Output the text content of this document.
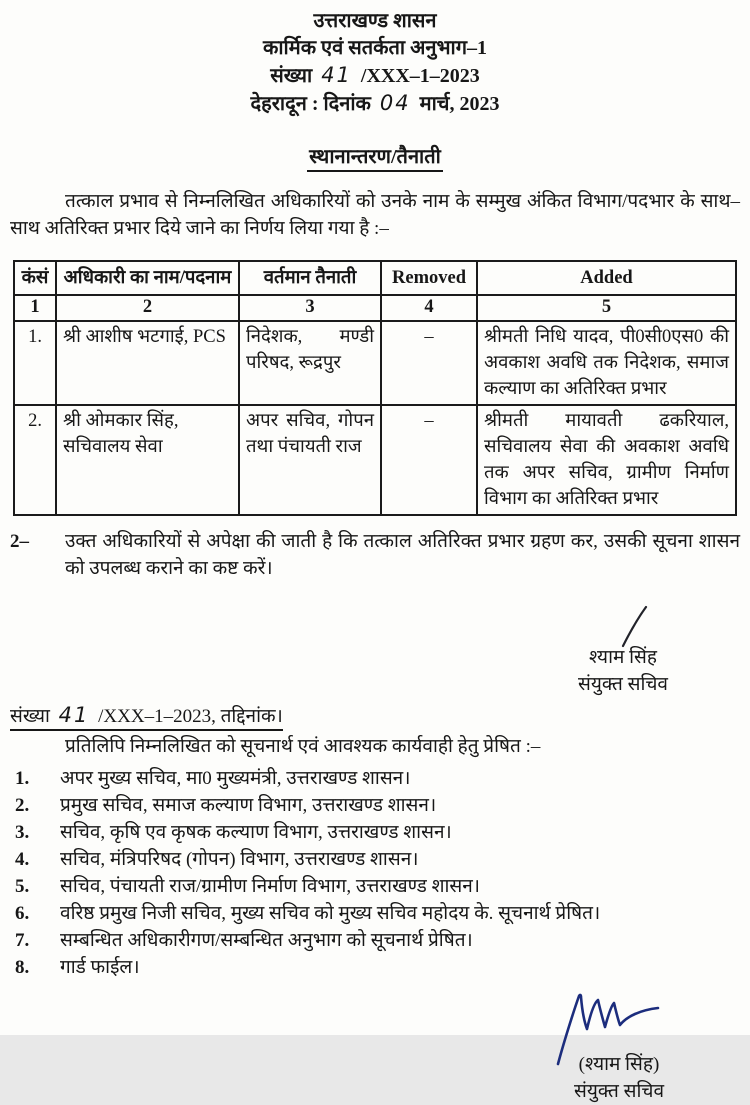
उत्तराखण्ड शासन
कार्मिक एवं सतर्कता अनुभाग–1
संख्या 41 /XXX–1–2023
देहरादून : दिनांक 04 मार्च, 2023
स्थानान्तरण/तैनाती
तत्काल प्रभाव से निम्नलिखित अधिकारियों को उनके नाम के सम्मुख अंकित विभाग/पदभार के साथ–साथ अतिरिक्त प्रभार दिये जाने का निर्णय लिया गया है :–
कंसं	अधिकारी का नाम/पदनाम	वर्तमान तैनाती	Removed	Added
1	2	3	4	5
1.	श्री आशीष भटगाई, PCS	निदेशक, मण्डी परिषद, रूद्रपुर	–	श्रीमती निधि यादव, पी0सी0एस0 की अवकाश अवधि तक निदेशक, समाज कल्याण का अतिरिक्त प्रभार
2.	श्री ओमकार सिंह, सचिवालय सेवा	अपर सचिव, गोपन तथा पंचायती राज	–	श्रीमती मायावती ढकरियाल, सचिवालय सेवा की अवकाश अवधि तक अपर सचिव, ग्रामीण निर्माण विभाग का अतिरिक्त प्रभार
2–	उक्त अधिकारियों से अपेक्षा की जाती है कि तत्काल अतिरिक्त प्रभार ग्रहण कर, उसकी सूचना शासन को उपलब्ध कराने का कष्ट करें।
श्याम सिंह
संयुक्त सचिव
संख्या 41 /XXX–1–2023, तद्दिनांक।
प्रतिलिपि निम्नलिखित को सूचनार्थ एवं आवश्यक कार्यवाही हेतु प्रेषित :–
1.	अपर मुख्य सचिव, मा0 मुख्यमंत्री, उत्तराखण्ड शासन।
2.	प्रमुख सचिव, समाज कल्याण विभाग, उत्तराखण्ड शासन।
3.	सचिव, कृषि एव कृषक कल्याण विभाग, उत्तराखण्ड शासन।
4.	सचिव, मंत्रिपरिषद (गोपन) विभाग, उत्तराखण्ड शासन।
5.	सचिव, पंचायती राज/ग्रामीण निर्माण विभाग, उत्तराखण्ड शासन।
6.	वरिष्ठ प्रमुख निजी सचिव, मुख्य सचिव को मुख्य सचिव महोदय के. सूचनार्थ प्रेषित।
7.	सम्बन्धित अधिकारीगण/सम्बन्धित अनुभाग को सूचनार्थ प्रेषित।
8.	गार्ड फाईल।
(श्याम सिंह)
संयुक्त सचिव
